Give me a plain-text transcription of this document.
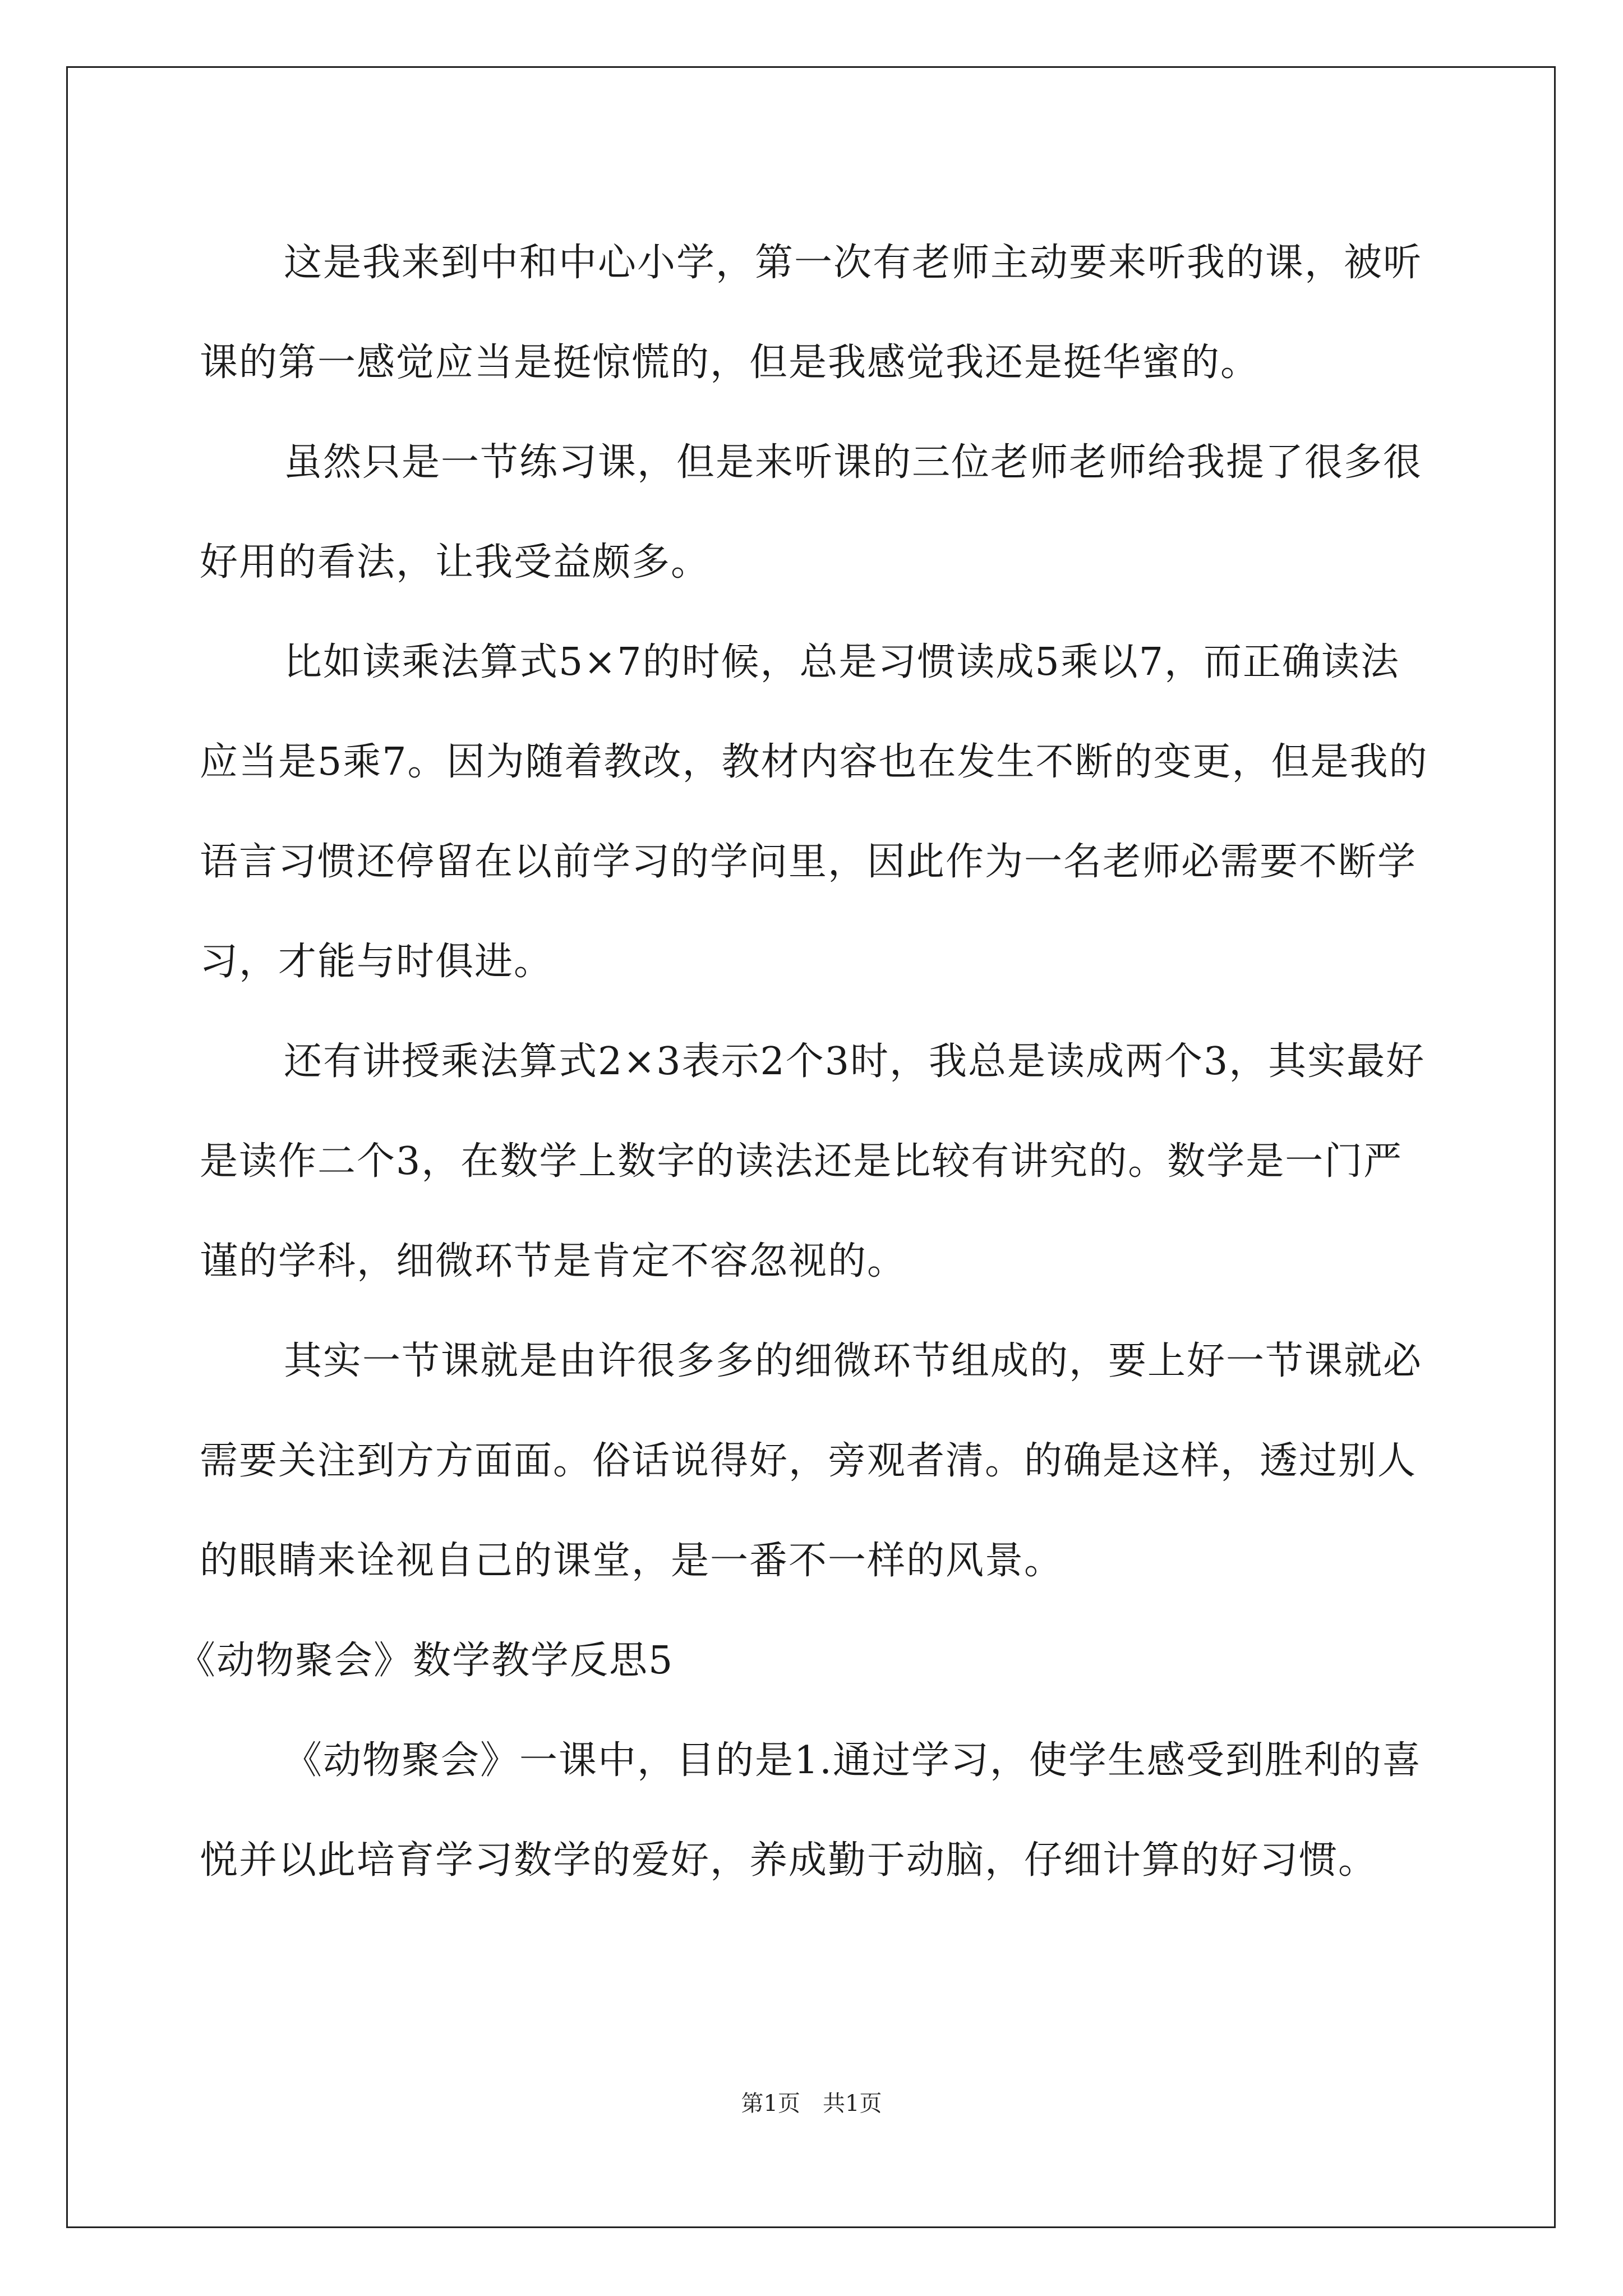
这是我来到中和中心小学，第一次有老师主动要来听我的课，被听课的第一感觉应当是挺惊慌的，但是我感觉我还是挺华蜜的。

虽然只是一节练习课，但是来听课的三位老师老师给我提了很多很好用的看法，让我受益颇多。

比如读乘法算式5×7的时候，总是习惯读成5乘以7，而正确读法应当是5乘7。因为随着教改，教材内容也在发生不断的变更，但是我的语言习惯还停留在以前学习的学问里，因此作为一名老师必需要不断学习，才能与时俱进。

还有讲授乘法算式2×3表示2个3时，我总是读成两个3，其实最好是读作二个3，在数学上数字的读法还是比较有讲究的。数学是一门严谨的学科，细微环节是肯定不容忽视的。

其实一节课就是由许很多多的细微环节组成的，要上好一节课就必需要关注到方方面面。俗话说得好，旁观者清。的确是这样，透过别人的眼睛来诠视自己的课堂，是一番不一样的风景。

《动物聚会》数学教学反思5

《动物聚会》一课中，目的是1.通过学习，使学生感受到胜利的喜悦并以此培育学习数学的爱好，养成勤于动脑，仔细计算的好习惯。

第1页　共1页
